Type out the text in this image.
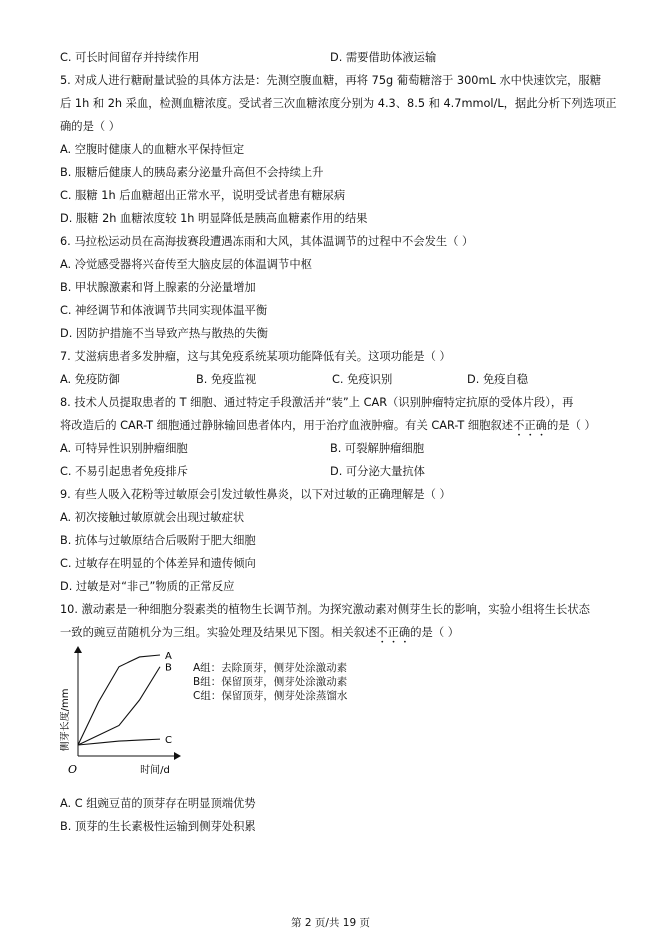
C. 可长时间留存并持续作用	D. 需要借助体液运输
5. 对成人进行糖耐量试验的具体方法是：先测空腹血糖，再将 75g 葡萄糖溶于 300mL 水中快速饮完，服糖
后 1h 和 2h 采血，检测血糖浓度。受试者三次血糖浓度分别为 4.3、8.5 和 4.7mmol/L，据此分析下列选项正
确的是（ ）
A. 空腹时健康人的血糖水平保持恒定
B. 服糖后健康人的胰岛素分泌量升高但不会持续上升
C. 服糖 1h 后血糖超出正常水平，说明受试者患有糖尿病
D. 服糖 2h 血糖浓度较 1h 明显降低是胰高血糖素作用的结果
6. 马拉松运动员在高海拔赛段遭遇冻雨和大风，其体温调节的过程中不会发生（ ）
A. 冷觉感受器将兴奋传至大脑皮层的体温调节中枢
B. 甲状腺激素和肾上腺素的分泌量增加
C. 神经调节和体液调节共同实现体温平衡
D. 因防护措施不当导致产热与散热的失衡
7. 艾滋病患者多发肿瘤，这与其免疫系统某项功能降低有关。这项功能是（ ）
A. 免疫防御	B. 免疫监视	C. 免疫识别	D. 免疫自稳
8. 技术人员提取患者的 T 细胞、通过特定手段激活并“装”上 CAR（识别肿瘤特定抗原的受体片段），再
将改造后的 CAR-T 细胞通过静脉输回患者体内，用于治疗血液肿瘤。有关 CAR-T 细胞叙述不正确的是（ ）
A. 可特异性识别肿瘤细胞	B. 可裂解肿瘤细胞
C. 不易引起患者免疫排斥	D. 可分泌大量抗体
9. 有些人吸入花粉等过敏原会引发过敏性鼻炎，以下对过敏的正确理解是（ ）
A. 初次接触过敏原就会出现过敏症状
B. 抗体与过敏原结合后吸附于肥大细胞
C. 过敏存在明显的个体差异和遗传倾向
D. 过敏是对“非己”物质的正常反应
10. 激动素是一种细胞分裂素类的植物生长调节剂。为探究激动素对侧芽生长的影响，实验小组将生长状态
一致的豌豆苗随机分为三组。实验处理及结果见下图。相关叙述不正确的是（ ）
A
B
C
侧芽长度/mm
时间/d
O
A组：去除顶芽，侧芽处涂激动素
B组：保留顶芽，侧芽处涂激动素
C组：保留顶芽，侧芽处涂蒸馏水
A. C 组豌豆苗的顶芽存在明显顶端优势
B. 顶芽的生长素极性运输到侧芽处积累
第 2 页/共 19 页
